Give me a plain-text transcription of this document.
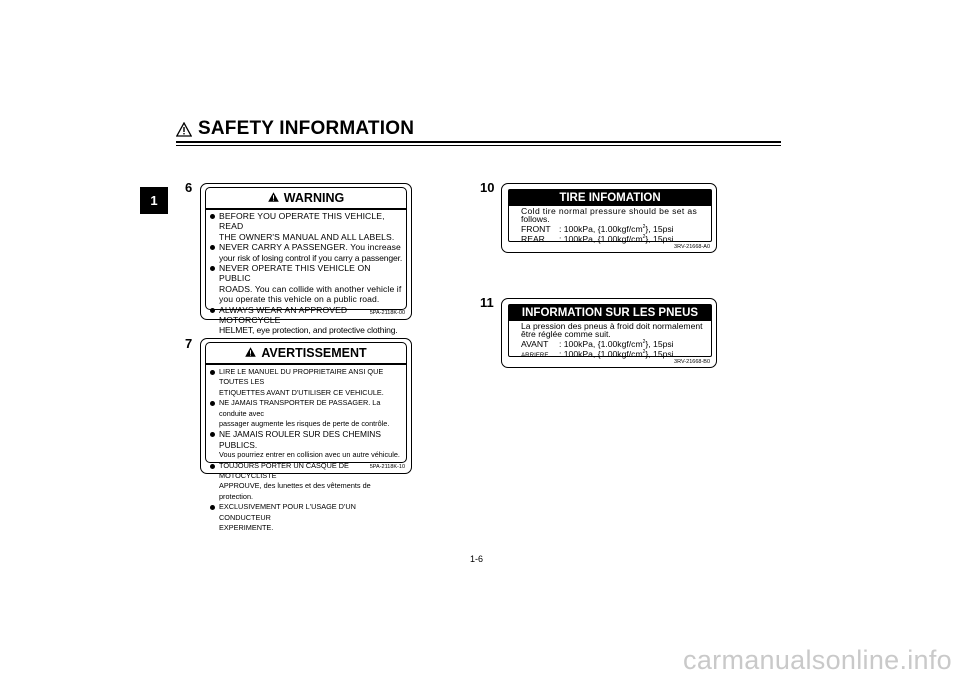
SAFETY INFORMATION
1
6
WARNING
BEFORE YOU OPERATE THIS VEHICLE, READ
THE OWNER'S MANUAL AND ALL LABELS.
NEVER CARRY A PASSENGER. You increase
your risk of losing control if you carry a passenger.
NEVER OPERATE THIS VEHICLE ON PUBLIC
ROADS. You can collide with another vehicle if
you operate this vehicle on a public road.
ALWAYS WEAR AN APPROVED MOTORCYCLE
HELMET, eye protection, and protective clothing.
5PA-2118K-00
7
AVERTISSEMENT
LIRE LE MANUEL DU PROPRIETAIRE ANSI QUE TOUTES LES
ETIQUETTES AVANT D'UTILISER CE VEHICULE.
NE JAMAIS TRANSPORTER DE PASSAGER. La conduite avec
passager augmente les risques de perte de contrôle.
NE JAMAIS ROULER SUR DES CHEMINS PUBLICS.
Vous pourriez entrer en collision avec un autre véhicule.
TOUJOURS PORTER UN CASQUE DE MOTOCYCLISTE
APPROUVE, des lunettes et des vêtements de protection.
EXCLUSIVEMENT POUR L'USAGE D'UN CONDUCTEUR
EXPERIMENTE.
5PA-2118K-10
10
TIRE INFOMATION
Cold tire normal pressure should be set as
follows.
FRONT : 100kPa, $\{1.00kgf/cm^2\}$, 15psi
REAR : 100kPa, $\{1.00kgf/cm^2\}$, 15psi
3RV-21668-A0
11
INFORMATION SUR LES PNEUS
La pression des pneus à froid doit normalement
être réglée comme suit.
AVANT : 100kPa, $\{1.00kgf/cm^2\}$, 15psi
ARRIERE : 100kPa, $\{1.00kgf/cm^2\}$, 15psi
3RV-21668-B0
1-6
carmanualsonline.info
